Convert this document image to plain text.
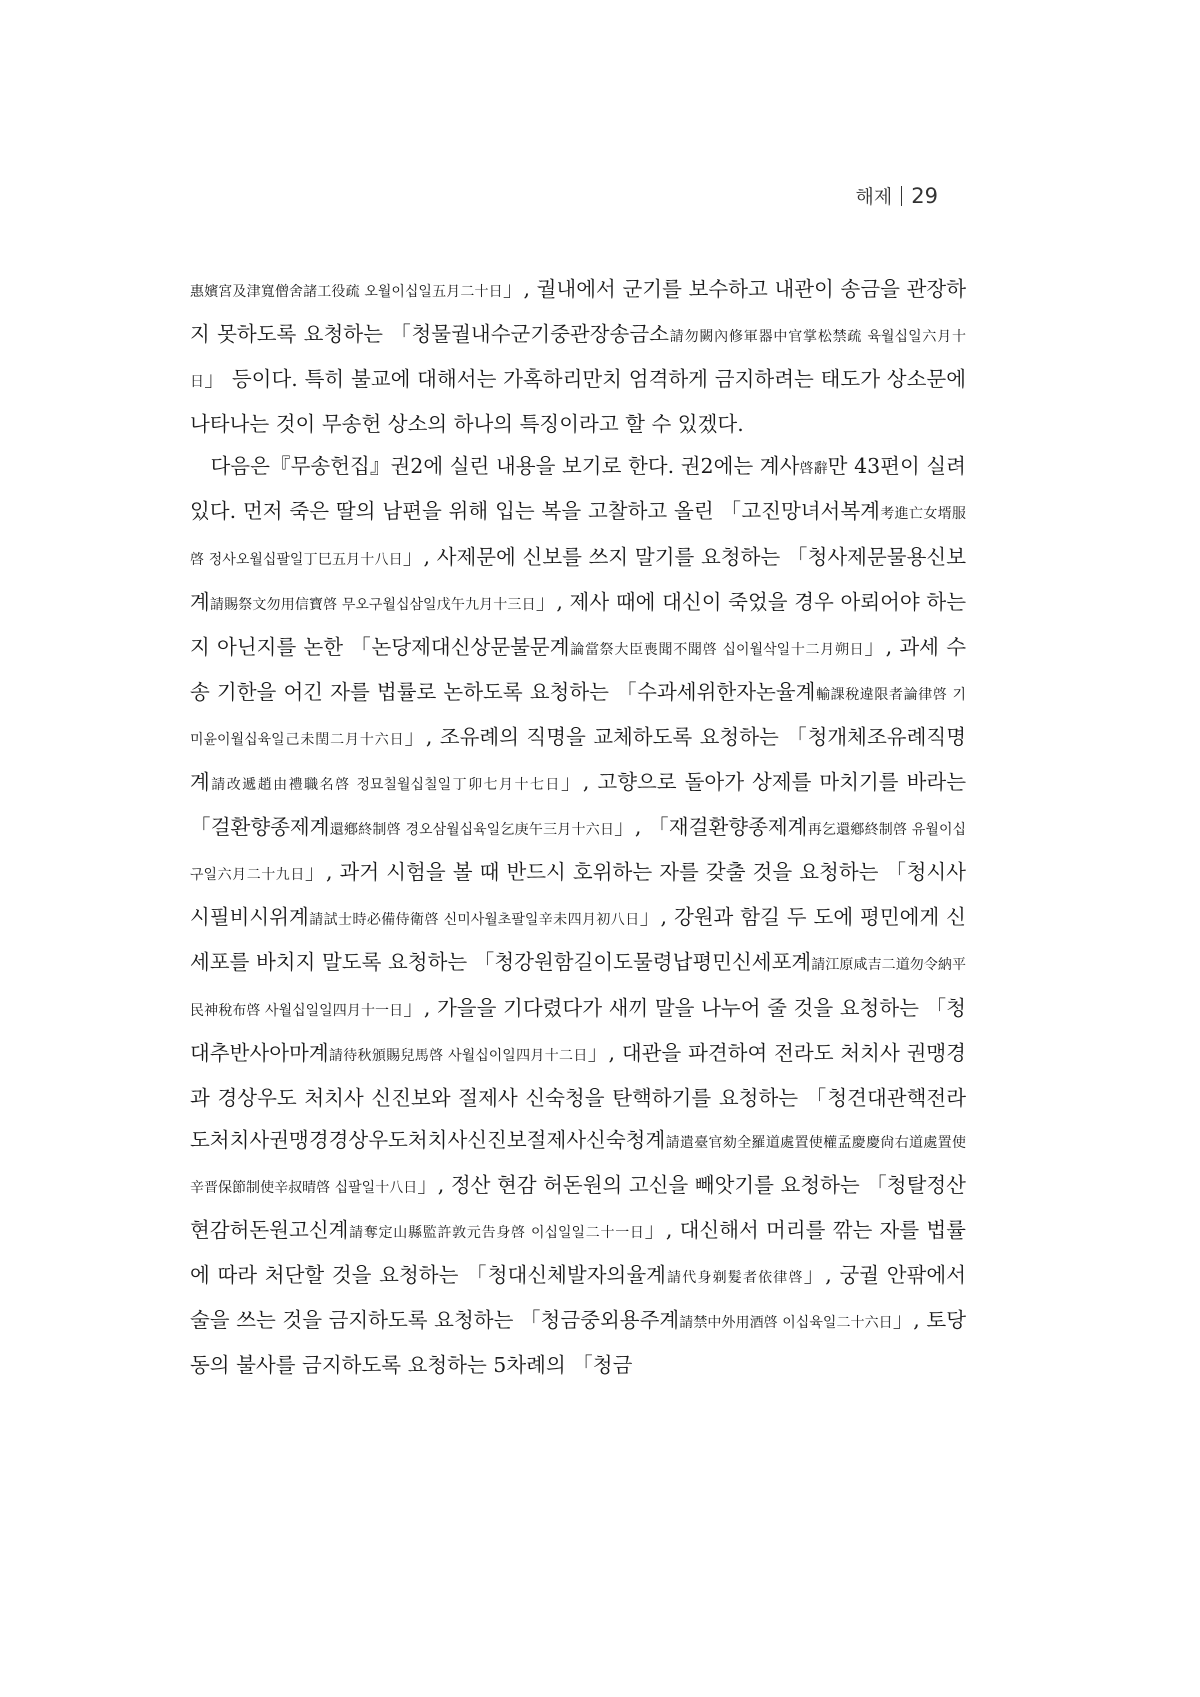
해제 29

惠嬪宮及津寬僧舍諸工役疏 오월이십일五月二十日」, 궐내에서 군기를 보수하고 내관이 송금을 관장하지 못하도록 요청하는 「청물궐내수군기중관장송금소請勿闕內修軍器中官掌松禁疏 육월십일六月十日」 등이다. 특히 불교에 대해서는 가혹하리만치 엄격하게 금지하려는 태도가 상소문에 나타나는 것이 무송헌 상소의 하나의 특징이라고 할 수 있겠다.

다음은『무송헌집』권2에 실린 내용을 보기로 한다. 권2에는 계사啓辭만 43편이 실려 있다. 먼저 죽은 딸의 남편을 위해 입는 복을 고찰하고 올린 「고진망녀서복계考進亡女壻服啓 정사오월십팔일丁巳五月十八日」, 사제문에 신보를 쓰지 말기를 요청하는 「청사제문물용신보계請賜祭文勿用信寶啓 무오구월십삼일戊午九月十三日」, 제사 때에 대신이 죽었을 경우 아뢰어야 하는지 아닌지를 논한 「논당제대신상문불문계論當祭大臣喪聞不聞啓 십이월삭일十二月朔日」, 과세 수송 기한을 어긴 자를 법률로 논하도록 요청하는 「수과세위한자논율계輸課稅違限者論律啓 기미윤이월십육일己未閏二月十六日」, 조유례의 직명을 교체하도록 요청하는 「청개체조유례직명계請改遞趙由禮職名啓 정묘칠월십칠일丁卯七月十七日」, 고향으로 돌아가 상제를 마치기를 바라는 「걸환향종제계還鄕終制啓 경오삼월십육일乞庚午三月十六日」, 「재걸환향종제계再乞還鄕終制啓 유월이십구일六月二十九日」, 과거 시험을 볼 때 반드시 호위하는 자를 갖출 것을 요청하는 「청시사시필비시위계請試士時必備侍衛啓 신미사월초팔일辛未四月初八日」, 강원과 함길 두 도에 평민에게 신세포를 바치지 말도록 요청하는 「청강원함길이도물령납평민신세포계請江原咸吉二道勿令納平民神稅布啓 사월십일일四月十一日」, 가을을 기다렸다가 새끼 말을 나누어 줄 것을 요청하는 「청대추반사아마계請待秋頒賜兒馬啓 사월십이일四月十二日」, 대관을 파견하여 전라도 처치사 권맹경과 경상우도 처치사 신진보와 절제사 신숙청을 탄핵하기를 요청하는 「청견대관핵전라도처치사권맹경경상우도처치사신진보절제사신숙청계請遣臺官劾全羅道處置使權孟慶慶尙右道處置使辛晋保節制使辛叔晴啓 십팔일十八日」, 정산 현감 허돈원의 고신을 빼앗기를 요청하는 「청탈정산현감허돈원고신계請奪定山縣監許敦元告身啓 이십일일二十一日」, 대신해서 머리를 깎는 자를 법률에 따라 처단할 것을 요청하는 「청대신체발자의율계請代身剃髮者依律啓」, 궁궐 안팎에서 술을 쓰는 것을 금지하도록 요청하는 「청금중외용주계請禁中外用酒啓 이십육일二十六日」, 토당동의 불사를 금지하도록 요청하는 5차례의 「청금
